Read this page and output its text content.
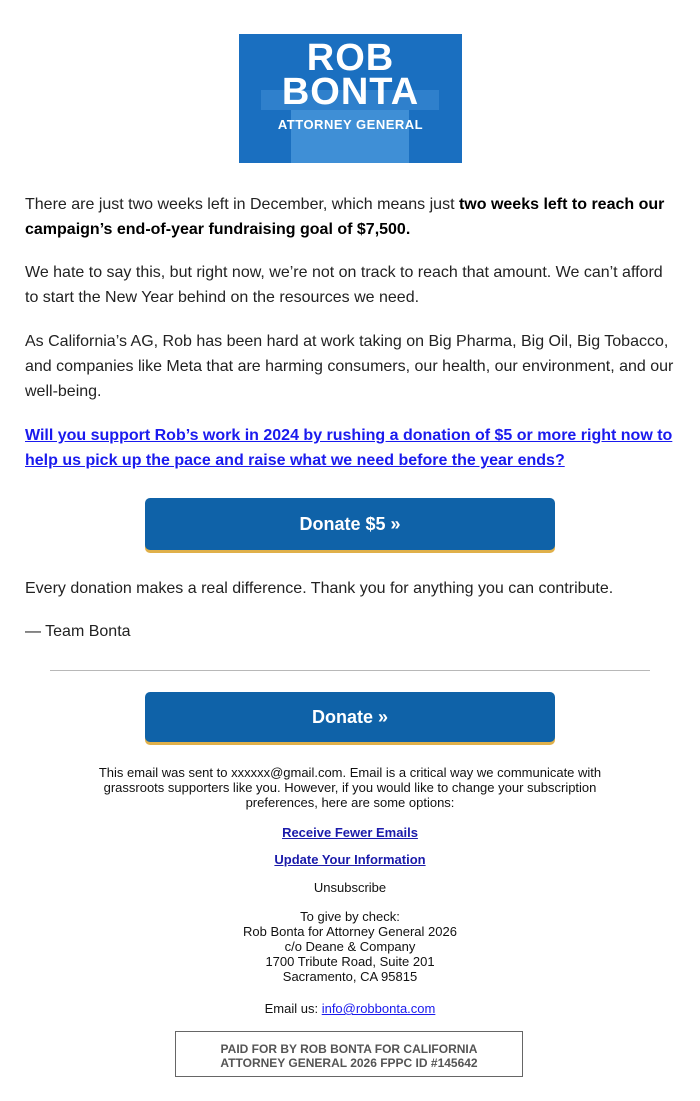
ROB
BONTA
ATTORNEY GENERAL

There are just two weeks left in December, which means just two weeks left to reach our campaign’s end-of-year fundraising goal of $7,500.

We hate to say this, but right now, we’re not on track to reach that amount. We can’t afford to start the New Year behind on the resources we need.

As California’s AG, Rob has been hard at work taking on Big Pharma, Big Oil, Big Tobacco, and companies like Meta that are harming consumers, our health, our environment, and our well-being.

Will you support Rob’s work in 2024 by rushing a donation of $5 or more right now to help us pick up the pace and raise what we need before the year ends?

Donate $5 »

Every donation makes a real difference. Thank you for anything you can contribute.

— Team Bonta

Donate »
This email was sent to xxxxxx@gmail.com. Email is a critical way we communicate with grassroots supporters like you. However, if you would like to change your subscription preferences, here are some options:
Receive Fewer Emails
Update Your Information
Unsubscribe
To give by check:
Rob Bonta for Attorney General 2026
c/o Deane & Company
1700 Tribute Road, Suite 201
Sacramento, CA 95815
Email us: info@robbonta.com
PAID FOR BY ROB BONTA FOR CALIFORNIA
ATTORNEY GENERAL 2026 FPPC ID #145642
